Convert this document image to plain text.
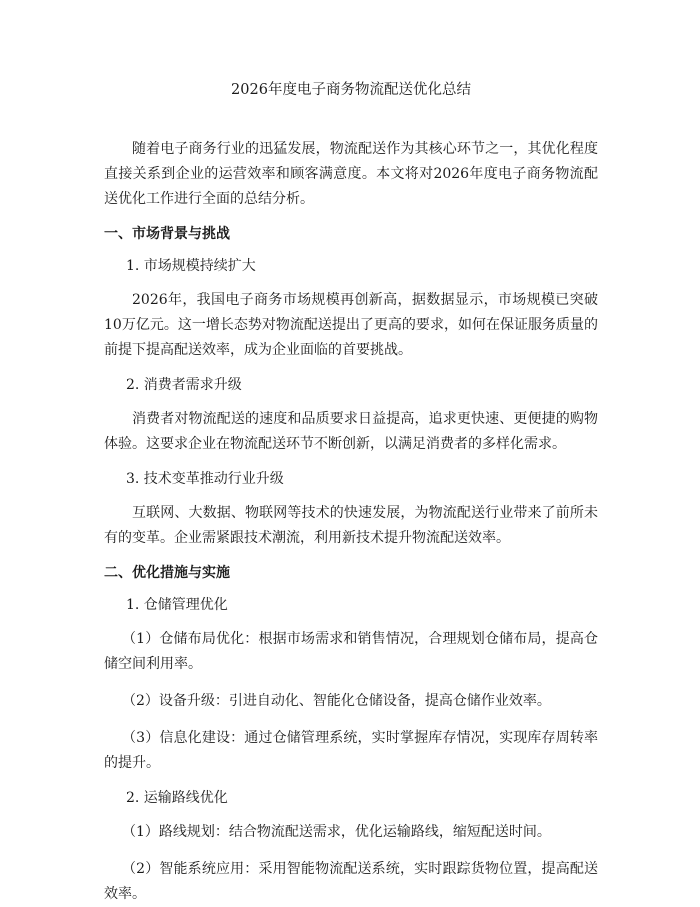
2026年度电子商务物流配送优化总结

随着电子商务行业的迅猛发展，物流配送作为其核心环节之一，其优化程度直接关系到企业的运营效率和顾客满意度。本文将对2026年度电子商务物流配送优化工作进行全面的总结分析。

一、市场背景与挑战
1. 市场规模持续扩大

2026年，我国电子商务市场规模再创新高，据数据显示，市场规模已突破10万亿元。这一增长态势对物流配送提出了更高的要求，如何在保证服务质量的前提下提高配送效率，成为企业面临的首要挑战。

2. 消费者需求升级

消费者对物流配送的速度和品质要求日益提高，追求更快速、更便捷的购物体验。这要求企业在物流配送环节不断创新，以满足消费者的多样化需求。

3. 技术变革推动行业升级

互联网、大数据、物联网等技术的快速发展，为物流配送行业带来了前所未有的变革。企业需紧跟技术潮流，利用新技术提升物流配送效率。

二、优化措施与实施
1. 仓储管理优化

（1）仓储布局优化：根据市场需求和销售情况，合理规划仓储布局，提高仓储空间利用率。

（2）设备升级：引进自动化、智能化仓储设备，提高仓储作业效率。

（3）信息化建设：通过仓储管理系统，实时掌握库存情况，实现库存周转率的提升。

2. 运输路线优化

（1）路线规划：结合物流配送需求，优化运输路线，缩短配送时间。

（2）智能系统应用：采用智能物流配送系统，实时跟踪货物位置，提高配送效率。
